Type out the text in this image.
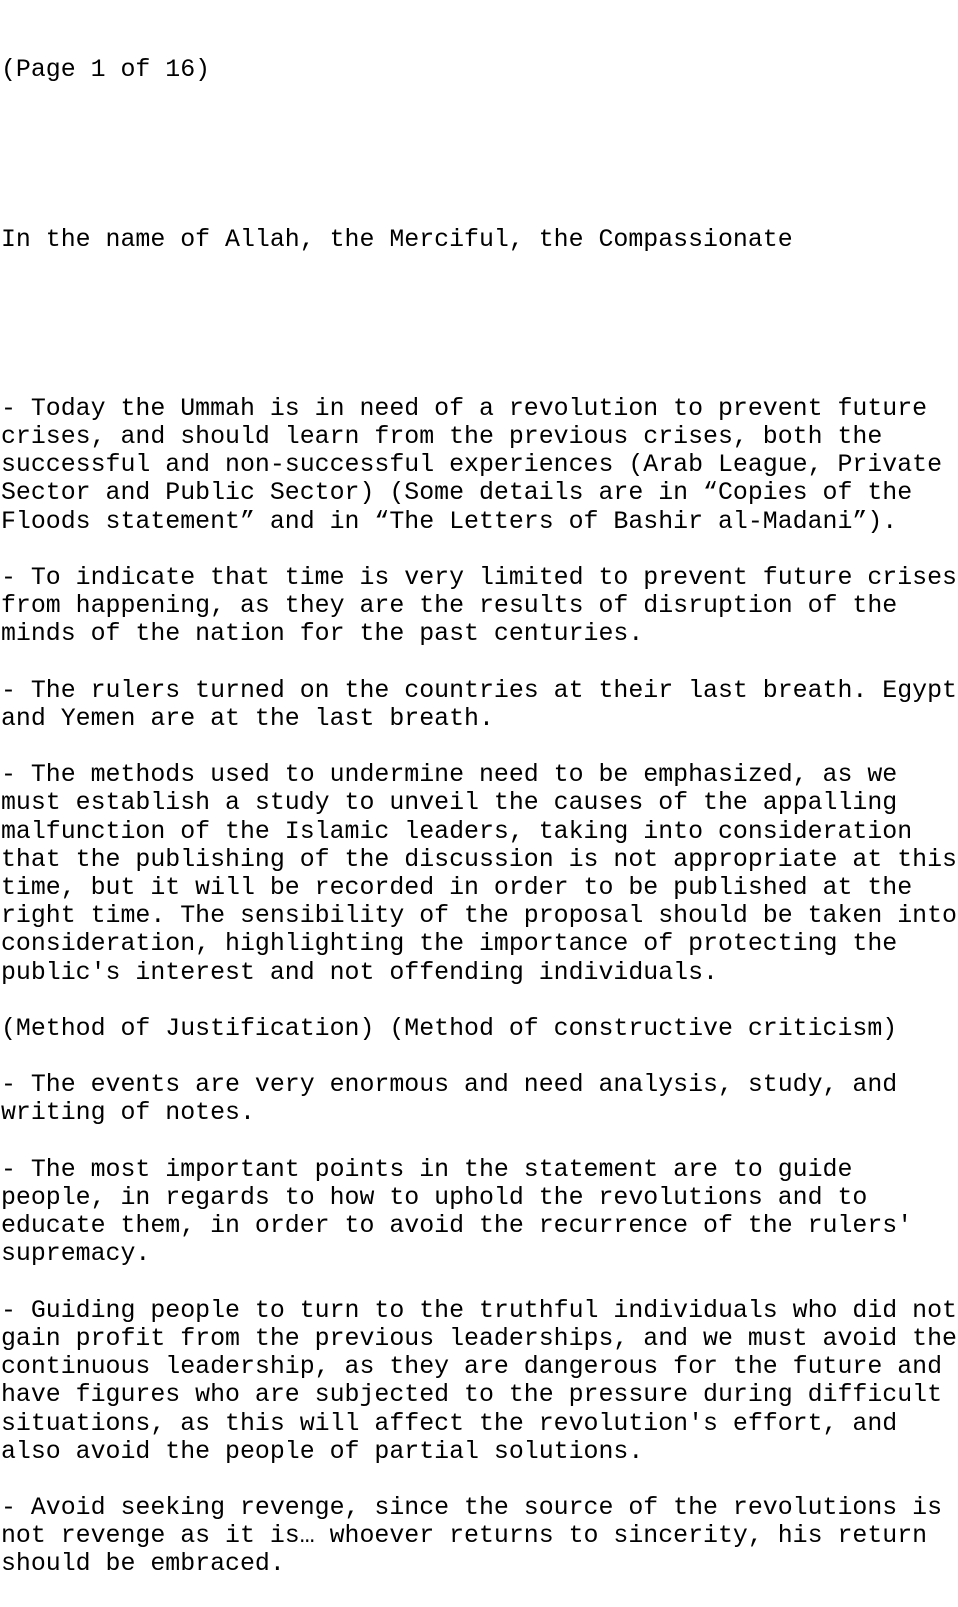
(Page 1 of 16)

In the name of Allah, the Merciful, the Compassionate

- Today the Ummah is in need of a revolution to prevent future
crises, and should learn from the previous crises, both the
successful and non-successful experiences (Arab League, Private
Sector and Public Sector) (Some details are in “Copies of the
Floods statement” and in “The Letters of Bashir al-Madani”).
- To indicate that time is very limited to prevent future crises
from happening, as they are the results of disruption of the
minds of the nation for the past centuries.
- The rulers turned on the countries at their last breath. Egypt
and Yemen are at the last breath.
- The methods used to undermine need to be emphasized, as we
must establish a study to unveil the causes of the appalling
malfunction of the Islamic leaders, taking into consideration
that the publishing of the discussion is not appropriate at this
time, but it will be recorded in order to be published at the
right time. The sensibility of the proposal should be taken into
consideration, highlighting the importance of protecting the
public's interest and not offending individuals.
(Method of Justification) (Method of constructive criticism)
- The events are very enormous and need analysis, study, and
writing of notes.
- The most important points in the statement are to guide
people, in regards to how to uphold the revolutions and to
educate them, in order to avoid the recurrence of the rulers'
supremacy.
- Guiding people to turn to the truthful individuals who did not
gain profit from the previous leaderships, and we must avoid the
continuous leadership, as they are dangerous for the future and
have figures who are subjected to the pressure during difficult
situations, as this will affect the revolution's effort, and
also avoid the people of partial solutions.
- Avoid seeking revenge, since the source of the revolutions is
not revenge as it is… whoever returns to sincerity, his return
should be embraced.
